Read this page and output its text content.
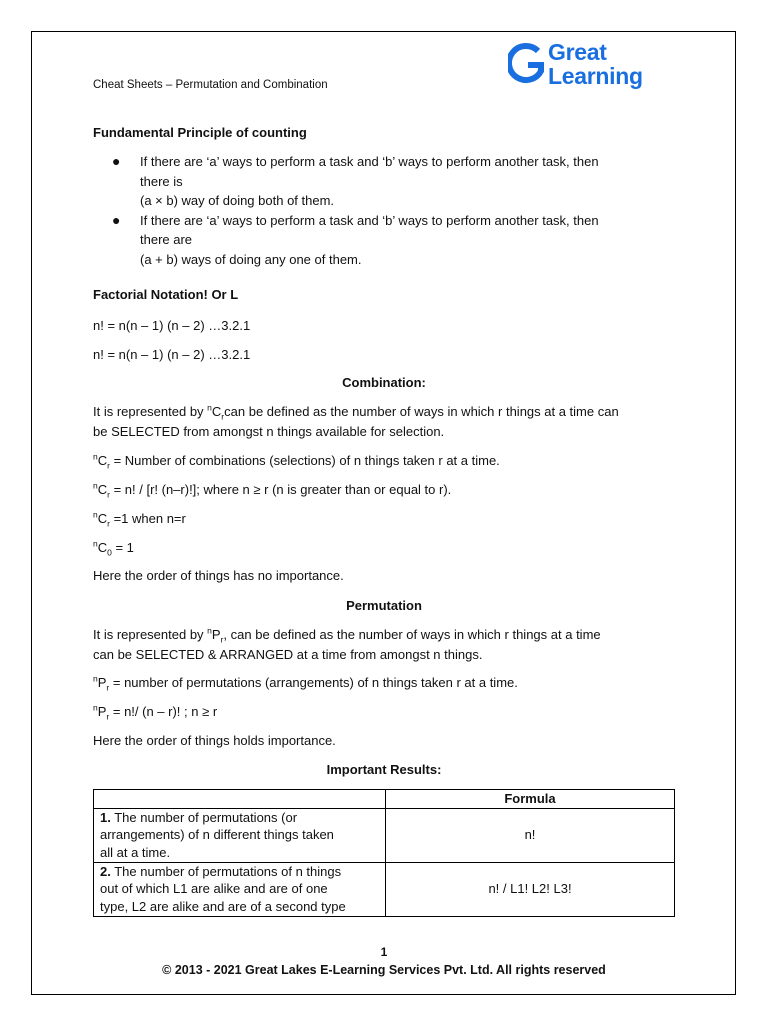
Cheat Sheets – Permutation and Combination
Great
Learning
Fundamental Principle of counting
● If there are ‘a’ ways to perform a task and ‘b’ ways to perform another task, then
there is
(a × b) way of doing both of them.
● If there are ‘a’ ways to perform a task and ‘b’ ways to perform another task, then
there are
(a + b) ways of doing any one of them.
Factorial Notation! Or L
n! = n(n – 1) (n – 2) …3.2.1
n! = n(n – 1) (n – 2) …3.2.1
Combination:
It is represented by $^nC_rcan$ be defined as the number of ways in which r things at a time can
be SELECTED from amongst n things available for selection.
$^nC_r$ = Number of combinations (selections) of n things taken r at a time.
$^nC_r = n$! / [r! (n–r)!]; where n ≥ r (n is greater than or equal to r).
$^nC_r =1$ when n=r
$^nC_0 = 1$
Here the order of things has no importance.
Permutation
It is represented by $^nP_r$, can be defined as the number of ways in which r things at a time
can be SELECTED & ARRANGED at a time from amongst n things.
$^nP_r$ = number of permutations (arrangements) of n things taken r at a time.
$^nP_r = n!/$ (n – r)! ; n ≥ r
Here the order of things holds importance.
Important Results:
	Formula

1. The number of permutations (or
arrangements) of n different things taken
all at a time.	n!

2. The number of permutations of n things
out of which L1 are alike and are of one
type, L2 are alike and are of a second type	n! / L1! L2! L3!
1
© 2013 - 2021 Great Lakes E-Learning Services Pvt. Ltd. All rights reserved
